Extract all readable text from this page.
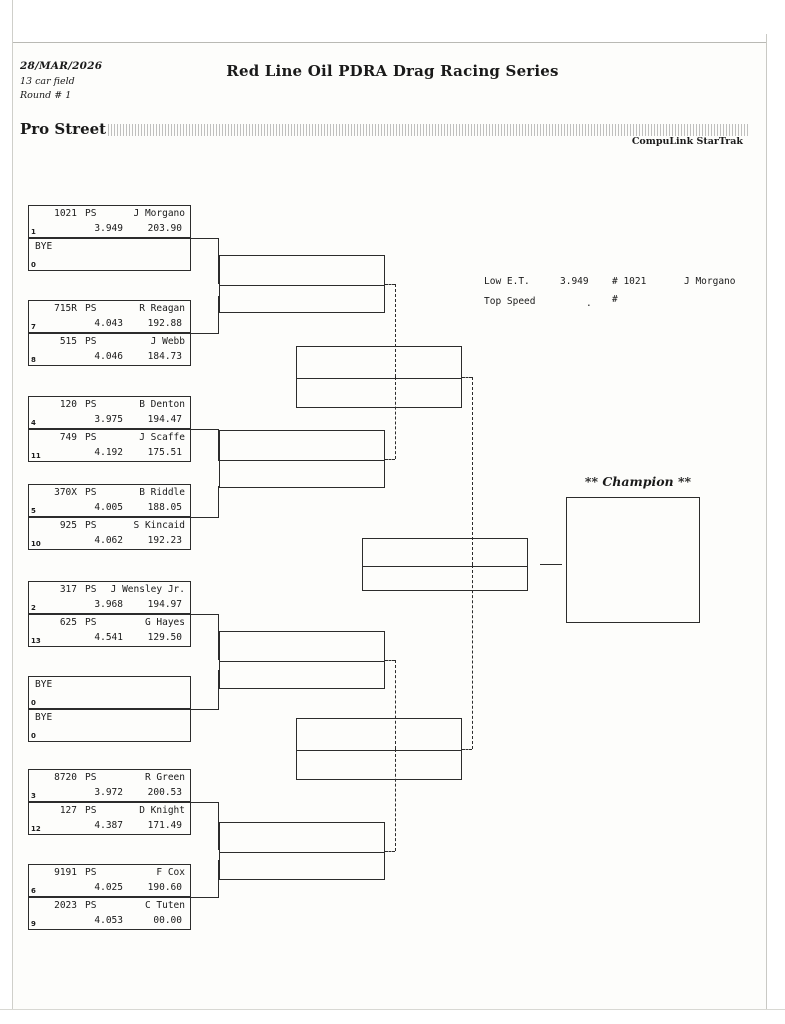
28/MAR/2026
13 car field
Round # 1
Red Line Oil PDRA Drag Racing Series
Pro Street
CompuLink StarTrak
Low E.T.	3.949 # 1021	J Morgano
Top Speed	. #
1
1021 PS	J Morgano
3.949	203.90
0
BYE
7
715R PS	R Reagan
4.043	192.88
8
515 PS	J Webb
4.046	184.73
4
120 PS	B Denton
3.975	194.47
11
749 PS	J Scaffe
4.192	175.51
5
370X PS	B Riddle
4.005	188.05
10
925 PS	S Kincaid
4.062	192.23
2
317 PS J Wensley Jr.
3.968	194.97
13
625 PS	G Hayes
4.541	129.50
0
BYE
0
BYE
3
8720 PS	R Green
3.972	200.53
12
127 PS	D Knight
4.387	171.49
6
9191 PS	F Cox
4.025	190.60
9
2023 PS	C Tuten
4.053	00.00
** Champion **
